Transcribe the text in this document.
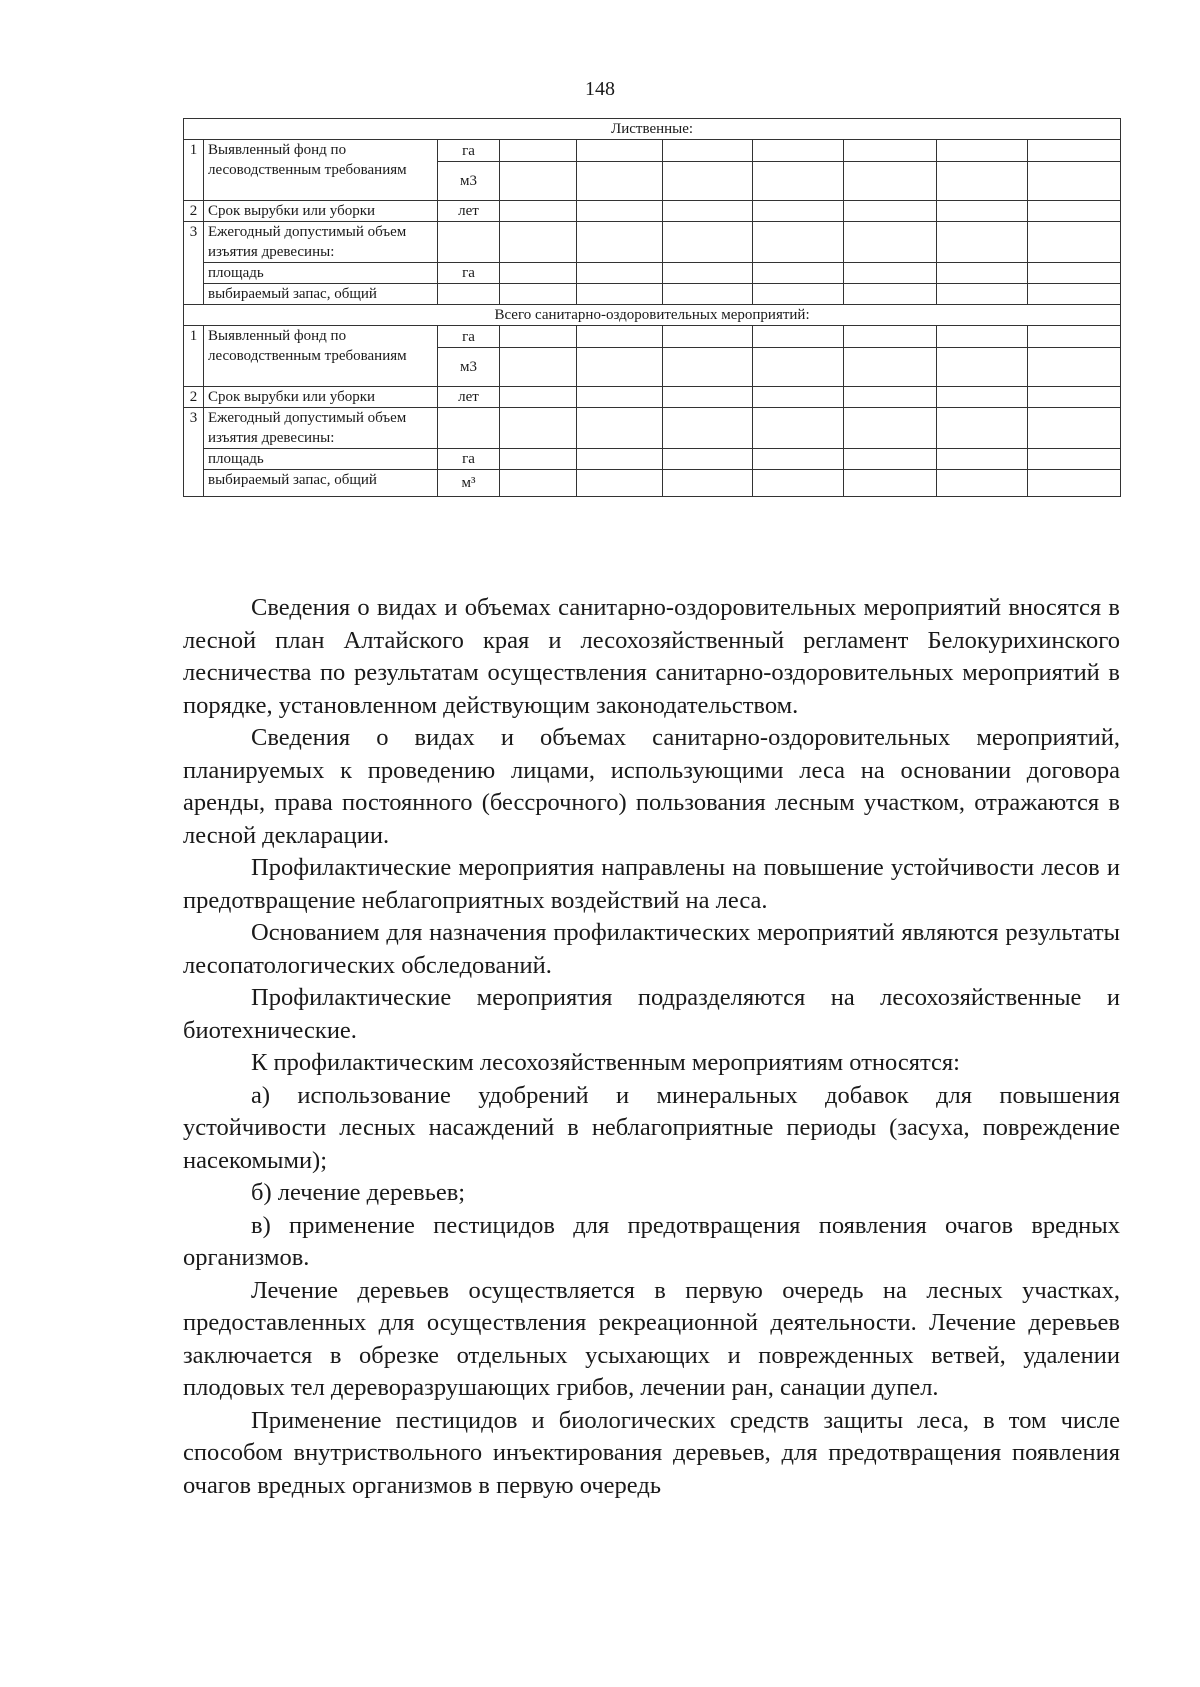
148
Лиственные:									
1	Выявленный фонд по лесоводственным требованиям	га							
		м3							
2	Срок вырубки или уборки	лет							
3	Ежегодный допустимый объем изъятия древесины:								
	площадь	га							
	выбираемый запас, общий								
Всего санитарно-оздоровительных мероприятий:									
1	Выявленный фонд по лесоводственным требованиям	га							
		м3							
2	Срок вырубки или уборки	лет							
3	Ежегодный допустимый объем изъятия древесины:								
	площадь	га							
	выбираемый запас, общий	м³							

Сведения о видах и объемах санитарно-оздоровительных мероприятий вносятся в лесной план Алтайского края и лесохозяйственный регламент Белокурихинского лесничества по результатам осуществления санитарно-оздоровительных мероприятий в порядке, установленном действующим законодательством.

Сведения о видах и объемах санитарно-оздоровительных мероприятий, планируемых к проведению лицами, использующими леса на основании договора аренды, права постоянного (бессрочного) пользования лесным участком, отражаются в лесной декларации.

Профилактические мероприятия направлены на повышение устойчивости лесов и предотвращение неблагоприятных воздействий на леса.

Основанием для назначения профилактических мероприятий являются результаты лесопатологических обследований.

Профилактические мероприятия подразделяются на лесохозяйственные и биотехнические.

К профилактическим лесохозяйственным мероприятиям относятся:

а) использование удобрений и минеральных добавок для повышения устойчивости лесных насаждений в неблагоприятные периоды (засуха, повреждение насекомыми);

б) лечение деревьев;

в) применение пестицидов для предотвращения появления очагов вредных организмов.

Лечение деревьев осуществляется в первую очередь на лесных участках, предоставленных для осуществления рекреационной деятельности. Лечение деревьев заключается в обрезке отдельных усыхающих и поврежденных ветвей, удалении плодовых тел дереворазрушающих грибов, лечении ран, санации дупел.

Применение пестицидов и биологических средств защиты леса, в том числе способом внутриствольного инъектирования деревьев, для предотвращения появления очагов вредных организмов в первую очередь
